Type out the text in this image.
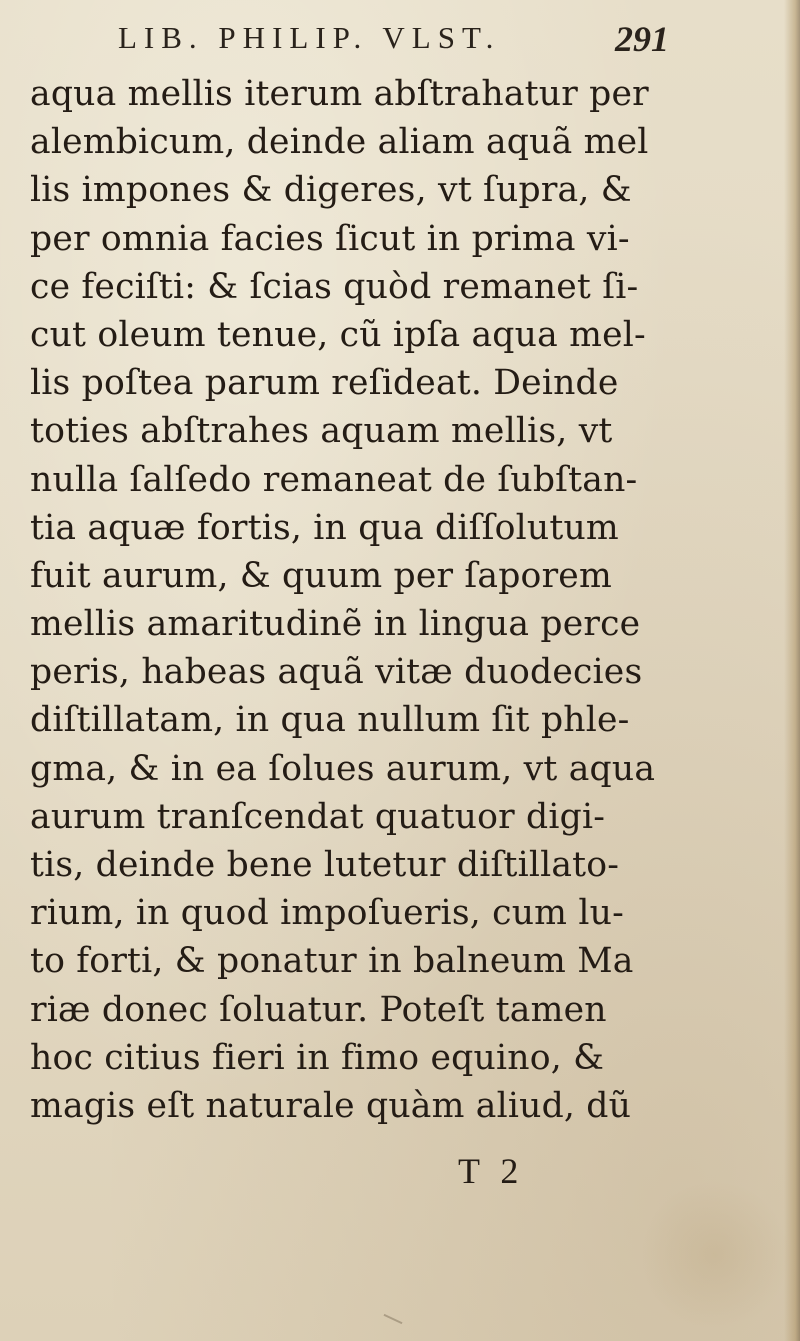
LIB. PHILIP. VLST.	291
aqua mellis iterum abſtrahatur per
alembicum, deinde aliam aquã mel
lis impones & digeres, vt ſupra, &
per omnia facies ſicut in prima vi-
ce feciſti: & ſcias quòd remanet ſi-
cut oleum tenue, cũ ipſa aqua mel-
lis poſtea parum reſideat. Deinde
toties abſtrahes aquam mellis, vt
nulla ſalſedo remaneat de ſubſtan-
tia aquæ fortis, in qua diſſolutum
fuit aurum, & quum per ſaporem
mellis amaritudinẽ in lingua perce
peris, habeas aquã vitæ duodecies
diſtillatam, in qua nullum ſit phle-
gma, & in ea ſolues aurum, vt aqua
aurum tranſcendat quatuor digi-
tis, deinde bene lutetur diſtillato-
rium, in quod impoſueris, cum lu-
to forti, & ponatur in balneum Ma
riæ donec ſoluatur. Poteſt tamen
hoc citius fieri in fimo equino, &
magis eſt naturale quàm aliud, dũ
T 2
